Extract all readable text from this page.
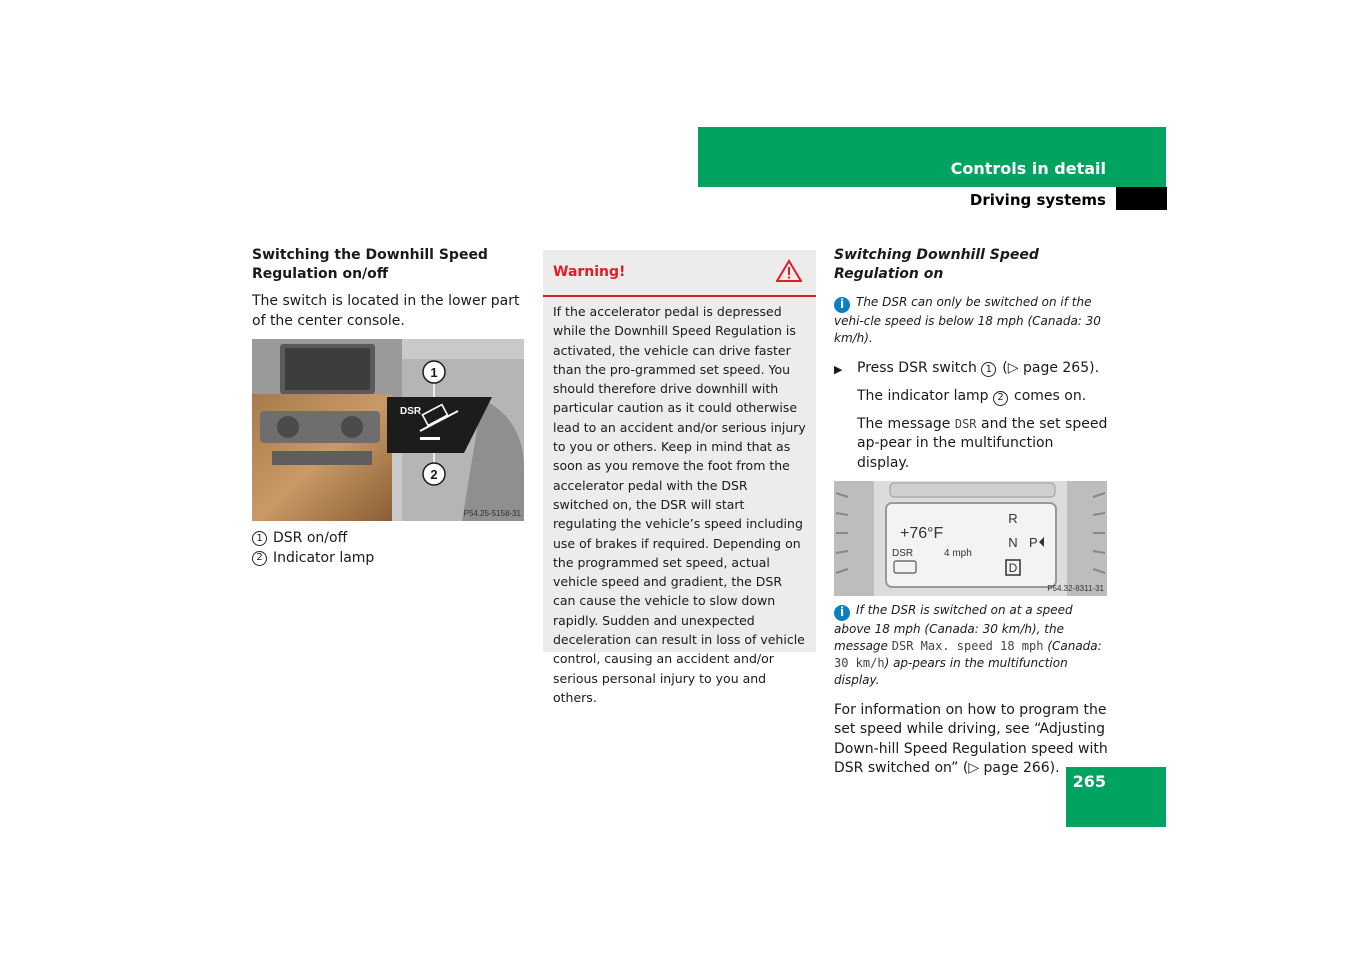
Controls in detail
Driving systems

Switching the Downhill Speed Regulation on/off

The switch is located in the lower part of the center console.

DSR
1
2
P54.25-5158-31
1 DSR on/off
2 Indicator lamp
Warning!
If the accelerator pedal is depressed while the Downhill Speed Regulation is activated, the vehicle can drive faster than the pro-grammed set speed. You should therefore drive downhill with particular caution as it could otherwise lead to an accident and/or serious injury to you or others. Keep in mind that as soon as you remove the foot from the accelerator pedal with the DSR switched on, the DSR will start regulating the vehicle’s speed including use of brakes if required. Depending on the programmed set speed, actual vehicle speed and gradient, the DSR can cause the vehicle to slow down rapidly. Sudden and unexpected deceleration can result in loss of vehicle control, causing an accident and/or serious personal injury to you and others.

Switching Downhill Speed Regulation on

i The DSR can only be switched on if the vehi-cle speed is below 18 mph (Canada: 30 km/h).

▶	Press DSR switch 1 (▷ page 265).
The indicator lamp 2 comes on.
The message DSR and the set speed ap-pear in the multifunction display.
+76°F
DSR	4 mph
R
N
D
P
P54.32-8311-31

i If the DSR is switched on at a speed above 18 mph (Canada: 30 km/h), the message DSR Max. speed 18 mph (Canada: 30 km/h) ap-pears in the multifunction display.

For information on how to program the set speed while driving, see “Adjusting Down-hill Speed Regulation speed with DSR switched on” (▷ page 266).

265
